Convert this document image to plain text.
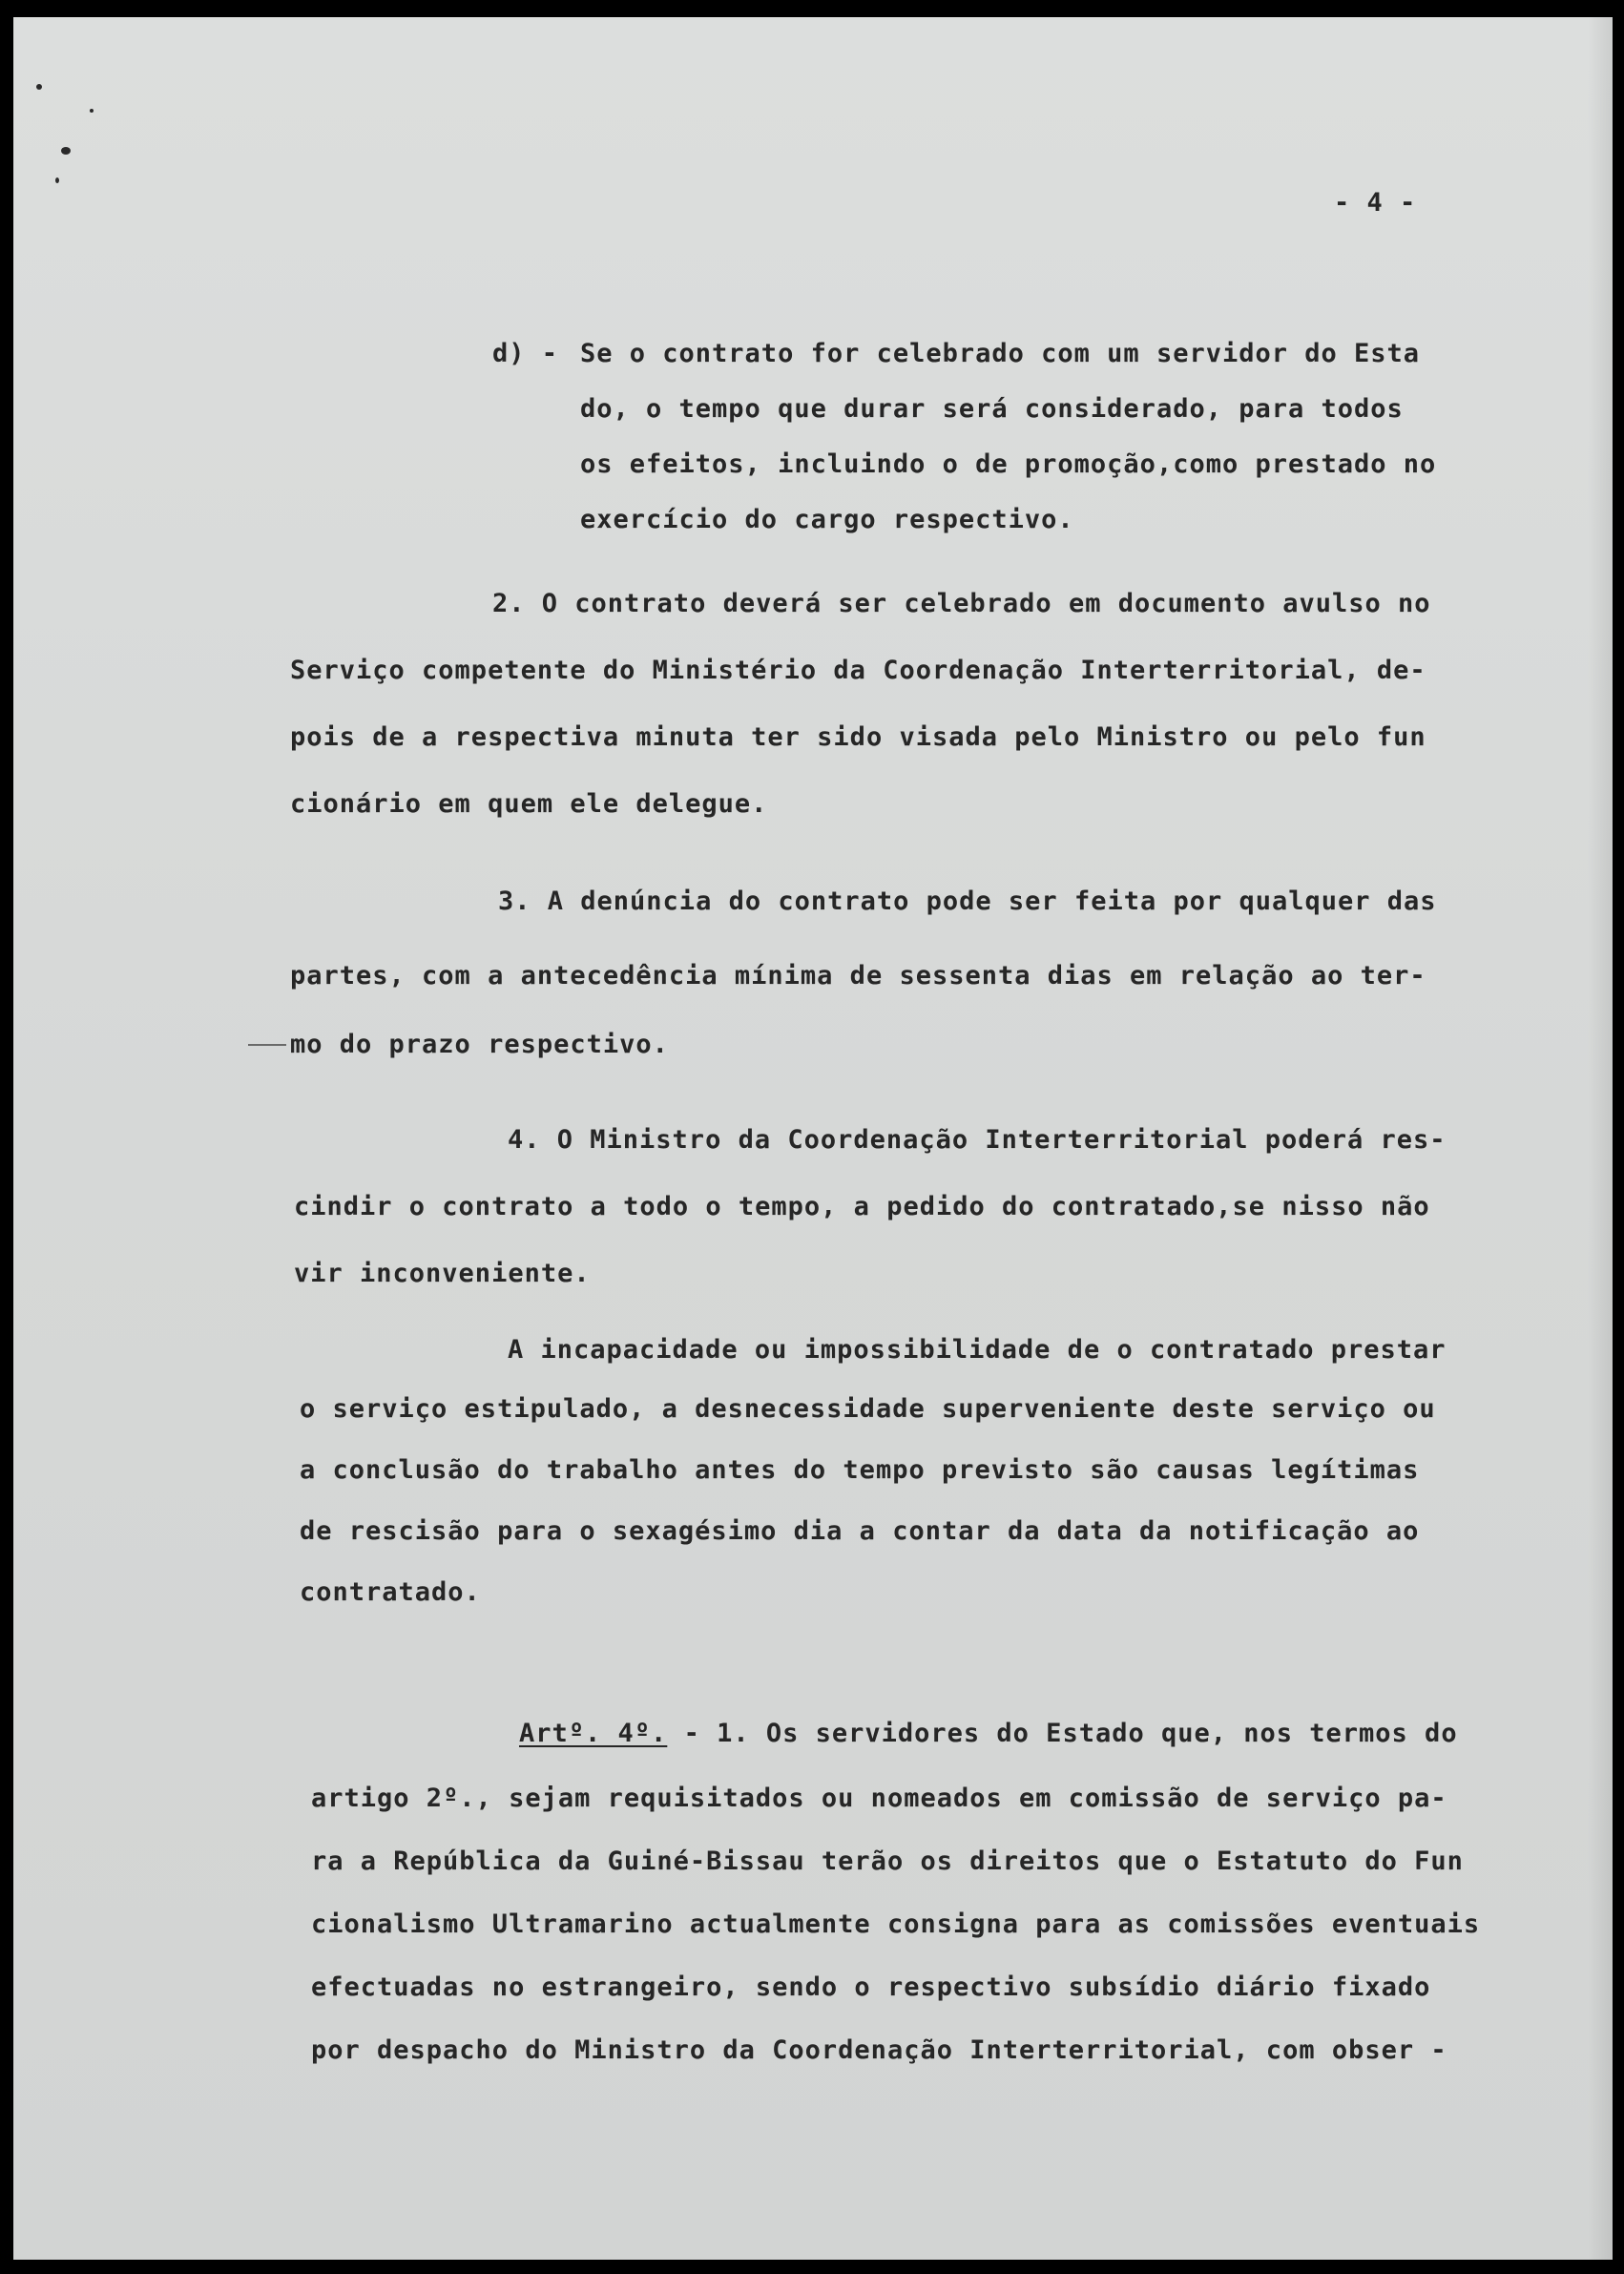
- 4 -
d) - Se o contrato for celebrado com um servidor do Esta
do, o tempo que durar será considerado, para todos
os efeitos, incluindo o de promoção,como prestado no
exercício do cargo respectivo.
2. O contrato deverá ser celebrado em documento avulso no
Serviço competente do Ministério da Coordenação Interterritorial, de-
pois de a respectiva minuta ter sido visada pelo Ministro ou pelo fun
cionário em quem ele delegue.
3. A denúncia do contrato pode ser feita por qualquer das
partes, com a antecedência mínima de sessenta dias em relação ao ter-
mo do prazo respectivo.
4. O Ministro da Coordenação Interterritorial poderá res-
cindir o contrato a todo o tempo, a pedido do contratado,se nisso não
vir inconveniente.
A incapacidade ou impossibilidade de o contratado prestar
o serviço estipulado, a desnecessidade superveniente deste serviço ou
a conclusão do trabalho antes do tempo previsto são causas legítimas
de rescisão para o sexagésimo dia a contar da data da notificação ao
contratado.
Artº. 4º. - 1. Os servidores do Estado que, nos termos do
artigo 2º., sejam requisitados ou nomeados em comissão de serviço pa-
ra a República da Guiné-Bissau terão os direitos que o Estatuto do Fun
cionalismo Ultramarino actualmente consigna para as comissões eventuais
efectuadas no estrangeiro, sendo o respectivo subsídio diário fixado
por despacho do Ministro da Coordenação Interterritorial, com obser -
